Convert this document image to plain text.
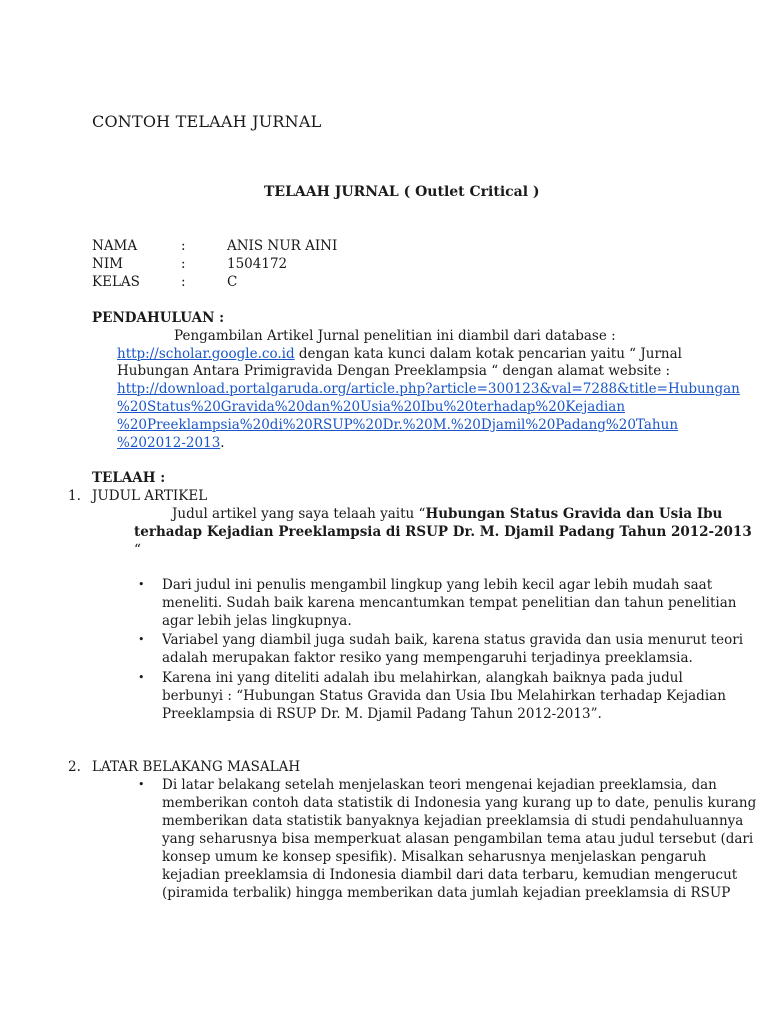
CONTOH TELAAH JURNAL
TELAAH JURNAL ( Outlet Critical )
NAMA	:	ANIS NUR AINI
NIM	:	1504172
KELAS	:	C
PENDAHULUAN :
Pengambilan Artikel Jurnal penelitian ini diambil dari database :
http://scholar.google.co.id dengan kata kunci dalam kotak pencarian yaitu “ Jurnal
Hubungan Antara Primigravida Dengan Preeklampsia “ dengan alamat website :
http://download.portalgaruda.org/article.php?article=300123&val=7288&title=Hubungan
%20Status%20Gravida%20dan%20Usia%20Ibu%20terhadap%20Kejadian
%20Preeklampsia%20di%20RSUP%20Dr.%20M.%20Djamil%20Padang%20Tahun
%202012-2013.
TELAAH :
1. JUDUL ARTIKEL
Judul artikel yang saya telaah yaitu “Hubungan Status Gravida dan Usia Ibu
terhadap Kejadian Preeklampsia di RSUP Dr. M. Djamil Padang Tahun 2012-2013
“
• Dari judul ini penulis mengambil lingkup yang lebih kecil agar lebih mudah saat
meneliti. Sudah baik karena mencantumkan tempat penelitian dan tahun penelitian
agar lebih jelas lingkupnya.
• Variabel yang diambil juga sudah baik, karena status gravida dan usia menurut teori
adalah merupakan faktor resiko yang mempengaruhi terjadinya preeklamsia.
• Karena ini yang diteliti adalah ibu melahirkan, alangkah baiknya pada judul
berbunyi : “Hubungan Status Gravida dan Usia Ibu Melahirkan terhadap Kejadian
Preeklampsia di RSUP Dr. M. Djamil Padang Tahun 2012-2013”.
2. LATAR BELAKANG MASALAH
• Di latar belakang setelah menjelaskan teori mengenai kejadian preeklamsia, dan
memberikan contoh data statistik di Indonesia yang kurang up to date, penulis kurang
memberikan data statistik banyaknya kejadian preeklamsia di studi pendahuluannya
yang seharusnya bisa memperkuat alasan pengambilan tema atau judul tersebut (dari
konsep umum ke konsep spesifik). Misalkan seharusnya menjelaskan pengaruh
kejadian preeklamsia di Indonesia diambil dari data terbaru, kemudian mengerucut
(piramida terbalik) hingga memberikan data jumlah kejadian preeklamsia di RSUP
